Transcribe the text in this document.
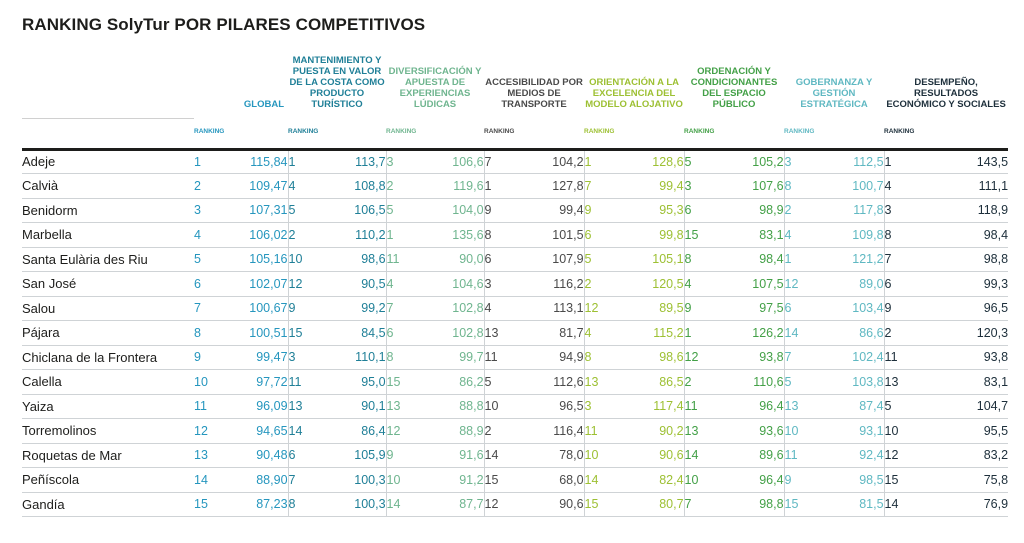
RANKING SolyTur POR PILARES COMPETITIVOS
	GLOBAL		MANTENIMIENTO Y PUESTA EN VALOR DE LA COSTA COMO PRODUCTO TURÍSTICO		DIVERSIFICACIÓN Y APUESTA DE EXPERIENCIAS LÚDICAS		ACCESIBILIDAD POR MEDIOS DE TRANSPORTE		ORIENTACIÓN A LA EXCELENCIA DEL MODELO ALOJATIVO		ORDENACIÓN Y CONDICIONANTES DEL ESPACIO PÚBLICO		GOBERNANZA Y GESTIÓN ESTRATÉGICA		DESEMPEÑO, RESULTADOS ECONÓMICO Y SOCIALES	
	RANKING		RANKING		RANKING		RANKING		RANKING		RANKING		RANKING		RANKING	
Adeje	1	115,84	1	113,7	3	106,6	7	104,2	1	128,6	5	105,2	3	112,5	1	143,5
Calvià	2	109,47	4	108,8	2	119,6	1	127,8	7	99,4	3	107,6	8	100,7	4	111,1
Benidorm	3	107,31	5	106,5	5	104,0	9	99,4	9	95,3	6	98,9	2	117,8	3	118,9
Marbella	4	106,02	2	110,2	1	135,6	8	101,5	6	99,8	15	83,1	4	109,8	8	98,4
Santa Eulària des Riu	5	105,16	10	98,6	11	90,0	6	107,9	5	105,1	8	98,4	1	121,2	7	98,8
San José	6	102,07	12	90,5	4	104,6	3	116,2	2	120,5	4	107,5	12	89,0	6	99,3
Salou	7	100,67	9	99,2	7	102,8	4	113,1	12	89,5	9	97,5	6	103,4	9	96,5
Pájara	8	100,51	15	84,5	6	102,8	13	81,7	4	115,2	1	126,2	14	86,6	2	120,3
Chiclana de la Frontera	9	99,47	3	110,1	8	99,7	11	94,9	8	98,6	12	93,8	7	102,4	11	93,8
Calella	10	97,72	11	95,0	15	86,2	5	112,6	13	86,5	2	110,6	5	103,8	13	83,1
Yaiza	11	96,09	13	90,1	13	88,8	10	96,5	3	117,4	11	96,4	13	87,4	5	104,7
Torremolinos	12	94,65	14	86,4	12	88,9	2	116,4	11	90,2	13	93,6	10	93,1	10	95,5
Roquetas de Mar	13	90,48	6	105,9	9	91,6	14	78,0	10	90,6	14	89,6	11	92,4	12	83,2
Peñíscola	14	88,90	7	100,3	10	91,2	15	68,0	14	82,4	10	96,4	9	98,5	15	75,8
Gandía	15	87,23	8	100,3	14	87,7	12	90,6	15	80,7	7	98,8	15	81,5	14	76,9
